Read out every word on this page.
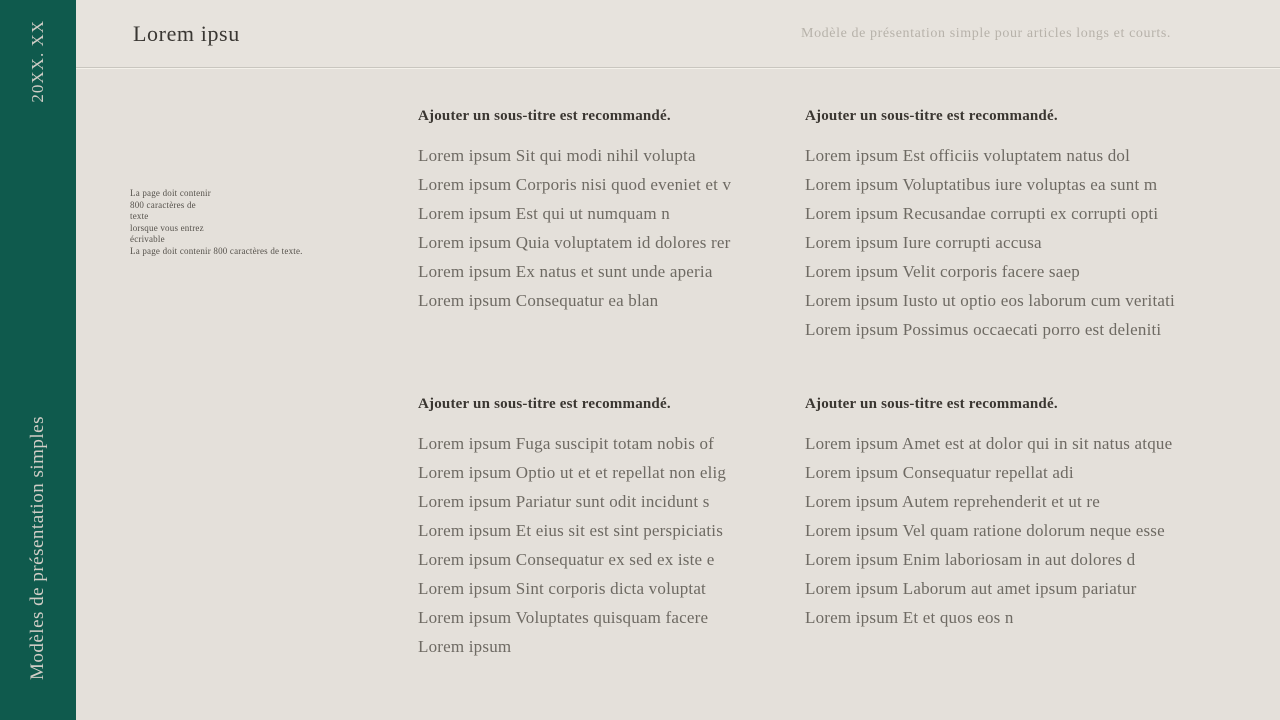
20XX. XX
Modèles de présentation simples
Lorem ipsu	Modèle de présentation simple pour articles longs et courts.
La page doit contenir
800 caractères de
texte
lorsque vous entrez
écrivable
La page doit contenir 800 caractères de texte.

Ajouter un sous-titre est recommandé.

Lorem ipsum Sit qui modi nihil volupta
Lorem ipsum Corporis nisi quod eveniet et v
Lorem ipsum Est qui ut numquam n
Lorem ipsum Quia voluptatem id dolores rer
Lorem ipsum Ex natus et sunt unde aperia
Lorem ipsum Consequatur ea blan

Ajouter un sous-titre est recommandé.

Lorem ipsum Est officiis voluptatem natus dol
Lorem ipsum Voluptatibus iure voluptas ea sunt m
Lorem ipsum Recusandae corrupti ex corrupti opti
Lorem ipsum Iure corrupti accusa
Lorem ipsum Velit corporis facere saep
Lorem ipsum Iusto ut optio eos laborum cum veritati
Lorem ipsum Possimus occaecati porro est deleniti

Ajouter un sous-titre est recommandé.

Lorem ipsum Fuga suscipit totam nobis of
Lorem ipsum Optio ut et et repellat non elig
Lorem ipsum Pariatur sunt odit incidunt s
Lorem ipsum Et eius sit est sint perspiciatis
Lorem ipsum Consequatur ex sed ex iste e
Lorem ipsum Sint corporis dicta voluptat
Lorem ipsum Voluptates quisquam facere
Lorem ipsum

Ajouter un sous-titre est recommandé.

Lorem ipsum Amet est at dolor qui in sit natus atque
Lorem ipsum Consequatur repellat adi
Lorem ipsum Autem reprehenderit et ut re
Lorem ipsum Vel quam ratione dolorum neque esse
Lorem ipsum Enim laboriosam in aut dolores d
Lorem ipsum Laborum aut amet ipsum pariatur
Lorem ipsum Et et quos eos n
